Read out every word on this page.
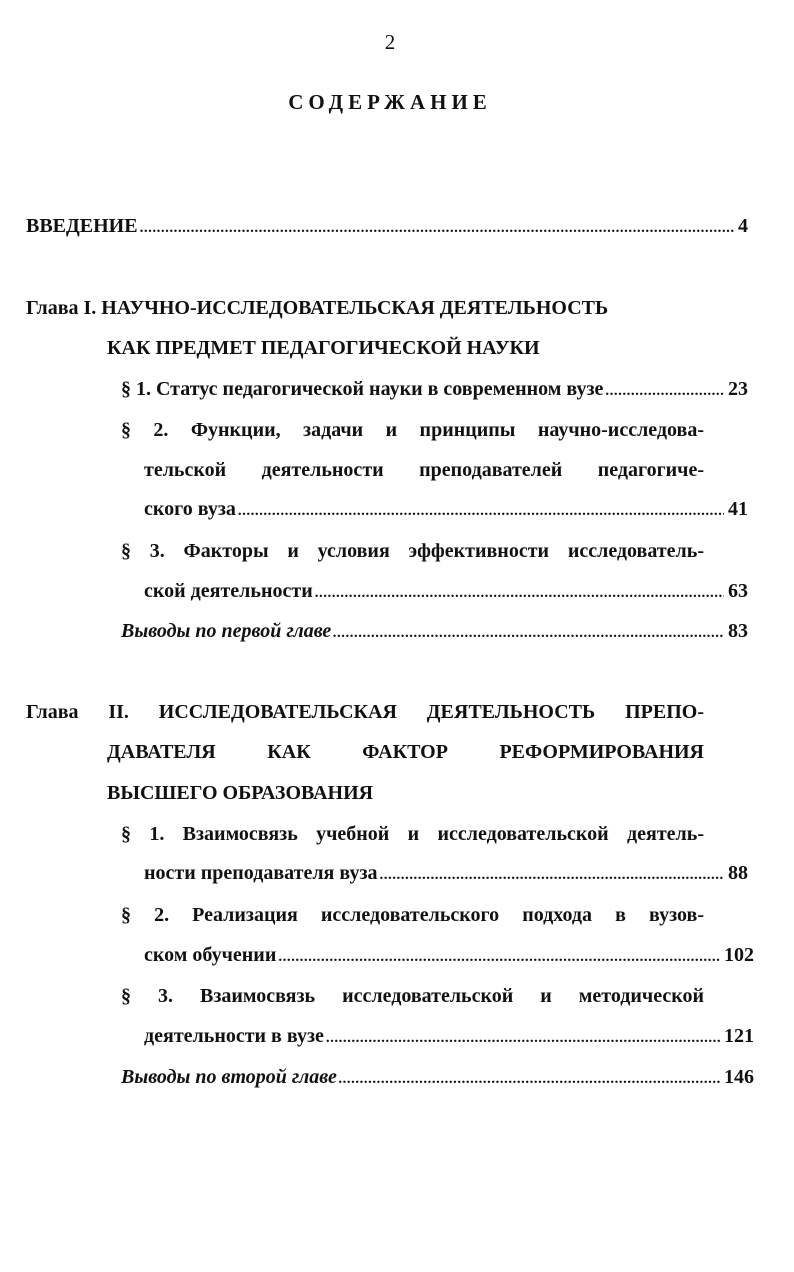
2
СОДЕРЖАНИЕ
ВВЕДЕНИЕ .....	4
Глава I. НАУЧНО-ИССЛЕДОВАТЕЛЬСКАЯ ДЕЯТЕЛЬНОСТЬ
КАК ПРЕДМЕТ ПЕДАГОГИЧЕСКОЙ НАУКИ
§ 1. Статус педагогической науки в современном вузе .....	23
§ 2. Функции, задачи и принципы научно-исследова-
тельской деятельности преподавателей педагогиче-
ского вуза .....	41
§ 3. Факторы и условия эффективности исследователь-
ской деятельности .....	63
Выводы по первой главе .....	83
Глава II. ИССЛЕДОВАТЕЛЬСКАЯ ДЕЯТЕЛЬНОСТЬ ПРЕПО-
ДАВАТЕЛЯ КАК ФАКТОР РЕФОРМИРОВАНИЯ
ВЫСШЕГО ОБРАЗОВАНИЯ
§ 1. Взаимосвязь учебной и исследовательской деятель-
ности преподавателя вуза .....	88
§ 2. Реализация исследовательского подхода в вузов-
ском обучении .....	102
§ 3. Взаимосвязь исследовательской и методической
деятельности в вузе .....	121
Выводы по второй главе .....	146
